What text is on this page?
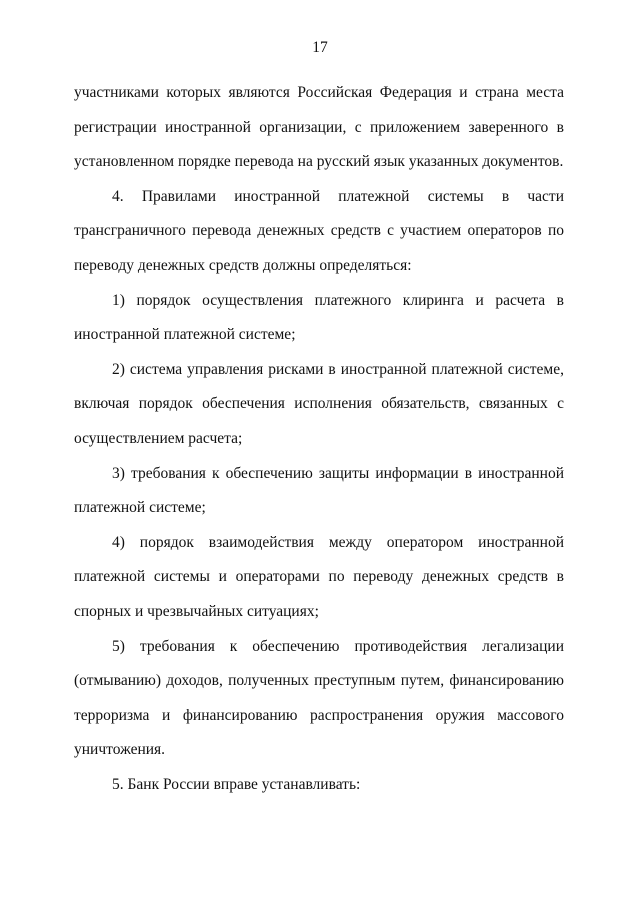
17

участниками которых являются Российская Федерация и страна места регистрации иностранной организации, с приложением заверенного в установленном порядке перевода на русский язык указанных документов.

4. Правилами иностранной платежной системы в части трансграничного перевода денежных средств с участием операторов по переводу денежных средств должны определяться:

1) порядок осуществления платежного клиринга и расчета в иностранной платежной системе;

2) система управления рисками в иностранной платежной системе, включая порядок обеспечения исполнения обязательств, связанных с осуществлением расчета;

3) требования к обеспечению защиты информации в иностранной платежной системе;

4) порядок взаимодействия между оператором иностранной платежной системы и операторами по переводу денежных средств в спорных и чрезвычайных ситуациях;

5) требования к обеспечению противодействия легализации (отмыванию) доходов, полученных преступным путем, финансированию терроризма и финансированию распространения оружия массового уничтожения.

5. Банк России вправе устанавливать:
